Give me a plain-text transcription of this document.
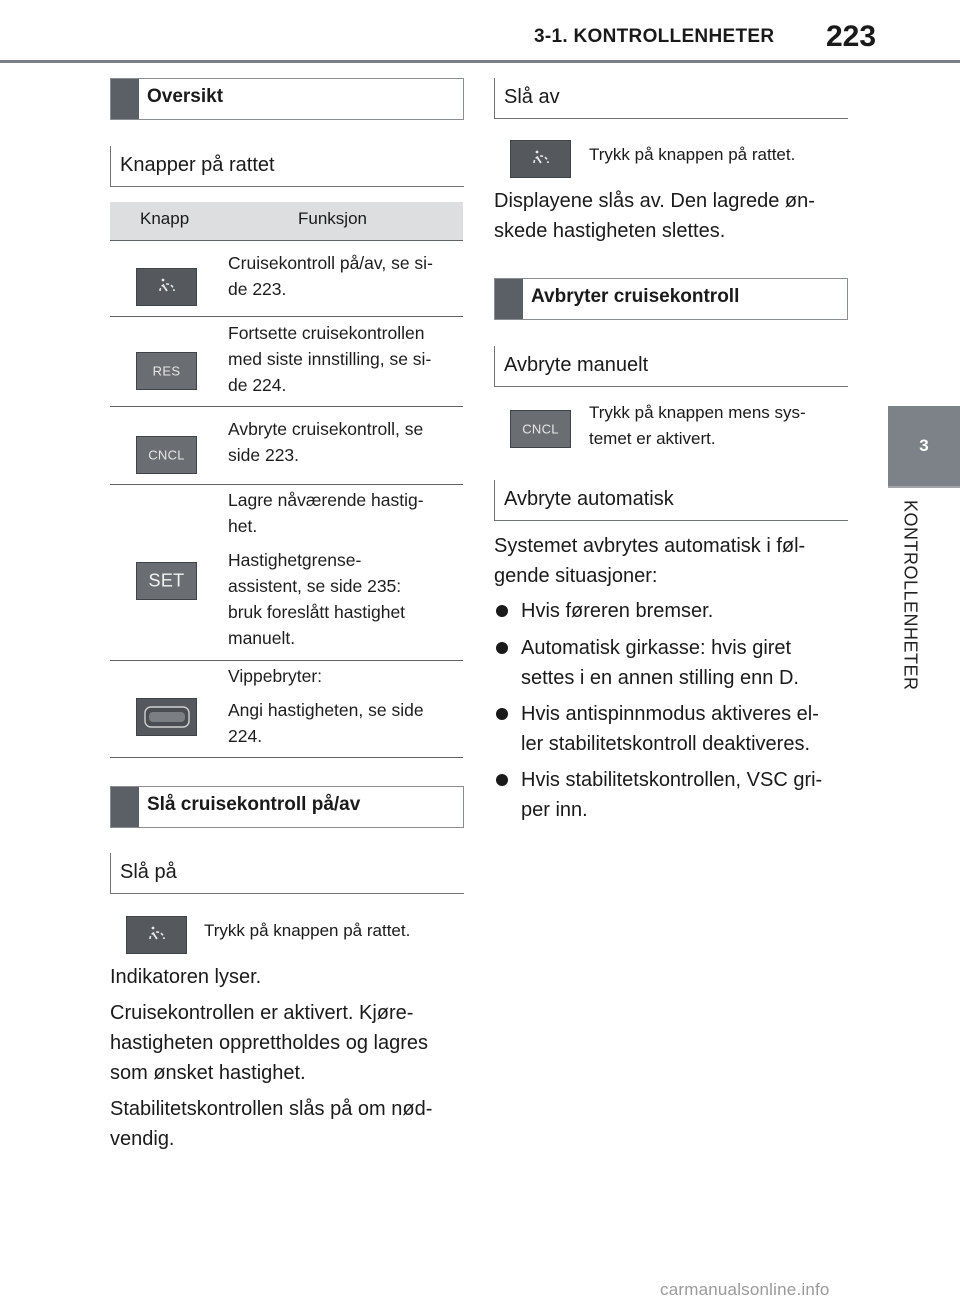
3-1. KONTROLLENHETER 223
3
KONTROLLENHETER
Oversikt
Knapper på rattet
Knapp	Funksjon
Cruisekontroll på/av, se si-
de 223.
RES
Fortsette cruisekontrollen
med siste innstilling, se si-
de 224.
CNCL
Avbryte cruisekontroll, se
side 223.
SET
Lagre nåværende hastig-
het.
Hastighetgrense-
assistent, se side 235:
bruk foreslått hastighet
manuelt.
Vippebryter:
Angi hastigheten, se side
224.
Slå cruisekontroll på/av
Slå på
Trykk på knappen på rattet.
Indikatoren lyser.
Cruisekontrollen er aktivert. Kjøre-
hastigheten opprettholdes og lagres
som ønsket hastighet.
Stabilitetskontrollen slås på om nød-
vendig.
Slå av
Trykk på knappen på rattet.
Displayene slås av. Den lagrede øn-
skede hastigheten slettes.
Avbryter cruisekontroll
Avbryte manuelt
CNCL
Trykk på knappen mens sys-
temet er aktivert.
Avbryte automatisk
Systemet avbrytes automatisk i føl-
gende situasjoner:
Hvis føreren bremser.
Automatisk girkasse: hvis giret
settes i en annen stilling enn D.
Hvis antispinnmodus aktiveres el-
ler stabilitetskontroll deaktiveres.
Hvis stabilitetskontrollen, VSC gri-
per inn.
carmanualsonline.info
